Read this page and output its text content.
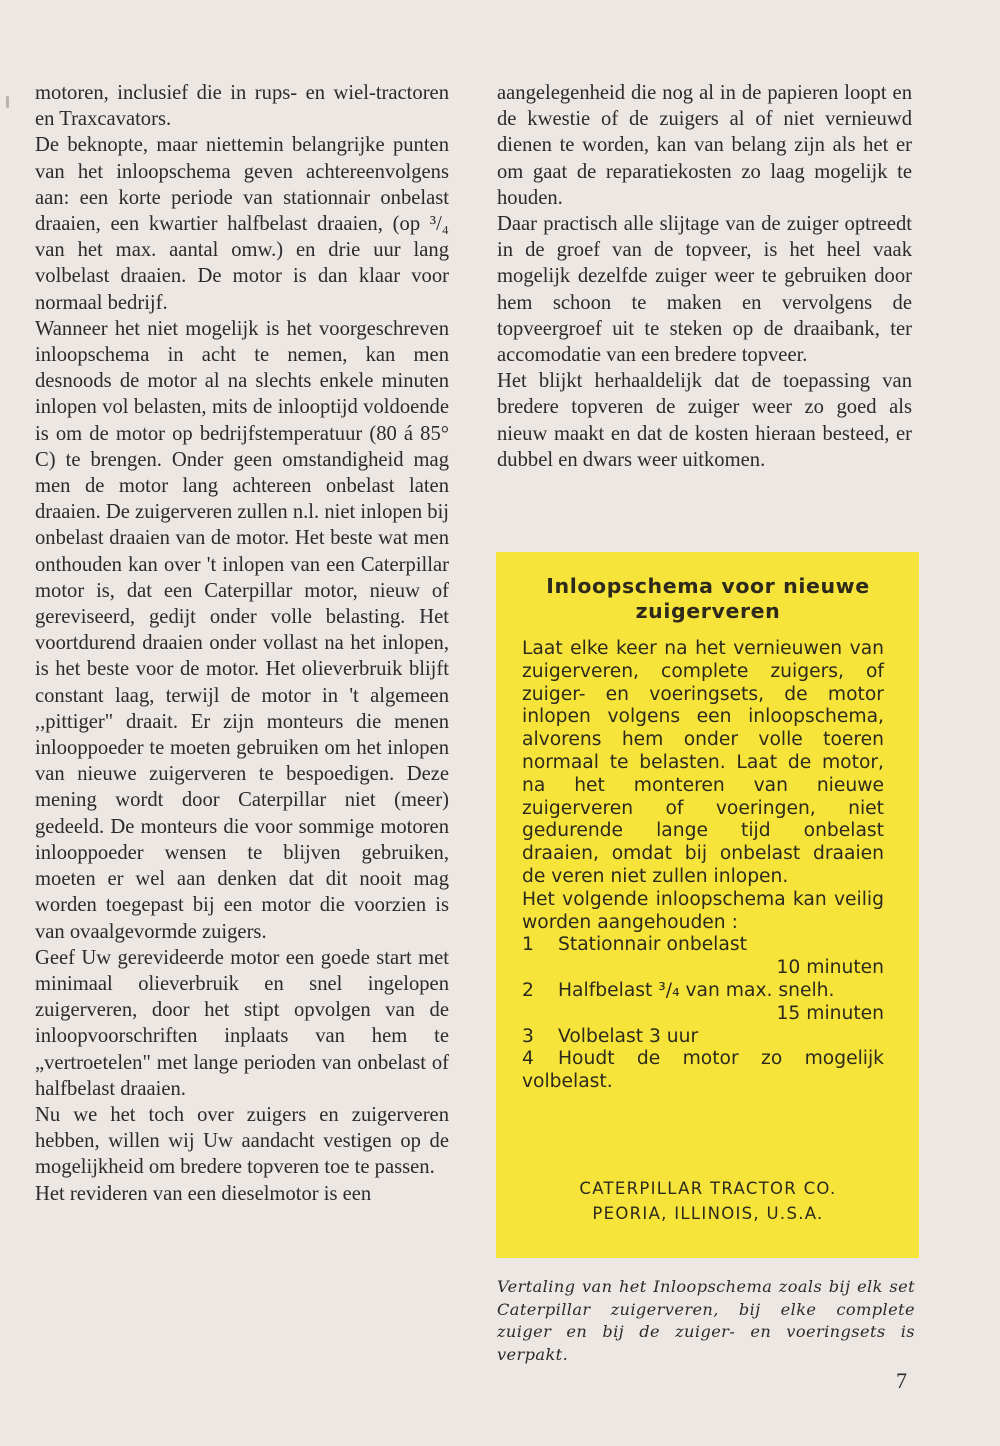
motoren, inclusief die in rups- en wiel-tractoren en Traxcavators.

De beknopte, maar niettemin belangrijke punten van het inloopschema geven achtereenvolgens aan: een korte periode van stationnair onbelast draaien, een kwartier halfbelast draaien, (op ³/₄ van het max. aantal omw.) en drie uur lang volbelast draaien. De motor is dan klaar voor normaal bedrijf.

Wanneer het niet mogelijk is het voorgeschreven inloopschema in acht te nemen, kan men desnoods de motor al na slechts enkele minuten inlopen vol belasten, mits de inlooptijd voldoende is om de motor op bedrijfstemperatuur (80 á 85° C) te brengen. Onder geen omstandigheid mag men de motor lang achtereen onbelast laten draaien. De zuigerveren zullen n.l. niet inlopen bij onbelast draaien van de motor. Het beste wat men onthouden kan over 't inlopen van een Caterpillar motor is, dat een Caterpillar motor, nieuw of gereviseerd, gedijt onder volle belasting. Het voortdurend draaien onder vollast na het inlopen, is het beste voor de motor. Het olieverbruik blijft constant laag, terwijl de motor in 't algemeen ,,pittiger" draait. Er zijn monteurs die menen inlooppoeder te moeten gebruiken om het inlopen van nieuwe zuigerveren te bespoedigen. Deze mening wordt door Caterpillar niet (meer) gedeeld. De monteurs die voor sommige motoren inlooppoeder wensen te blijven gebruiken, moeten er wel aan denken dat dit nooit mag worden toegepast bij een motor die voorzien is van ovaalgevormde zuigers.

Geef Uw gerevideerde motor een goede start met minimaal olieverbruik en snel ingelopen zuigerveren, door het stipt opvolgen van de inloopvoorschriften inplaats van hem te „vertroetelen" met lange perioden van onbelast of halfbelast draaien.

Nu we het toch over zuigers en zuigerveren hebben, willen wij Uw aandacht vestigen op de mogelijkheid om bredere topveren toe te passen.

Het revideren van een dieselmotor is een

aangelegenheid die nog al in de papieren loopt en de kwestie of de zuigers al of niet vernieuwd dienen te worden, kan van belang zijn als het er om gaat de reparatiekosten zo laag mogelijk te houden.

Daar practisch alle slijtage van de zuiger optreedt in de groef van de topveer, is het heel vaak mogelijk dezelfde zuiger weer te gebruiken door hem schoon te maken en vervolgens de topveergroef uit te steken op de draaibank, ter accomodatie van een bredere topveer.

Het blijkt herhaaldelijk dat de toepassing van bredere topveren de zuiger weer zo goed als nieuw maakt en dat de kosten hieraan besteed, er dubbel en dwars weer uitkomen.

Inloopschema voor nieuwe zuigerveren

Laat elke keer na het vernieuwen van zuigerveren, complete zuigers, of zuiger- en voeringsets, de motor inlopen volgens een inloopschema, alvorens hem onder volle toeren normaal te belasten. Laat de motor, na het monteren van nieuwe zuigerveren of voeringen, niet gedurende lange tijd onbelast draaien, omdat bij onbelast draaien de veren niet zullen inlopen.

Het volgende inloopschema kan veilig worden aangehouden :

1 Stationnair onbelast
10 minuten
2 Halfbelast ³/₄ van max. snelh.
15 minuten
3 Volbelast 3 uur
4 Houdt de motor zo mogelijk volbelast.
CATERPILLAR TRACTOR CO.
PEORIA, ILLINOIS, U.S.A.
Vertaling van het Inloopschema zoals bij elk set Caterpillar zuigerveren, bij elke complete zuiger en bij de zuiger- en voeringsets is verpakt.
7
